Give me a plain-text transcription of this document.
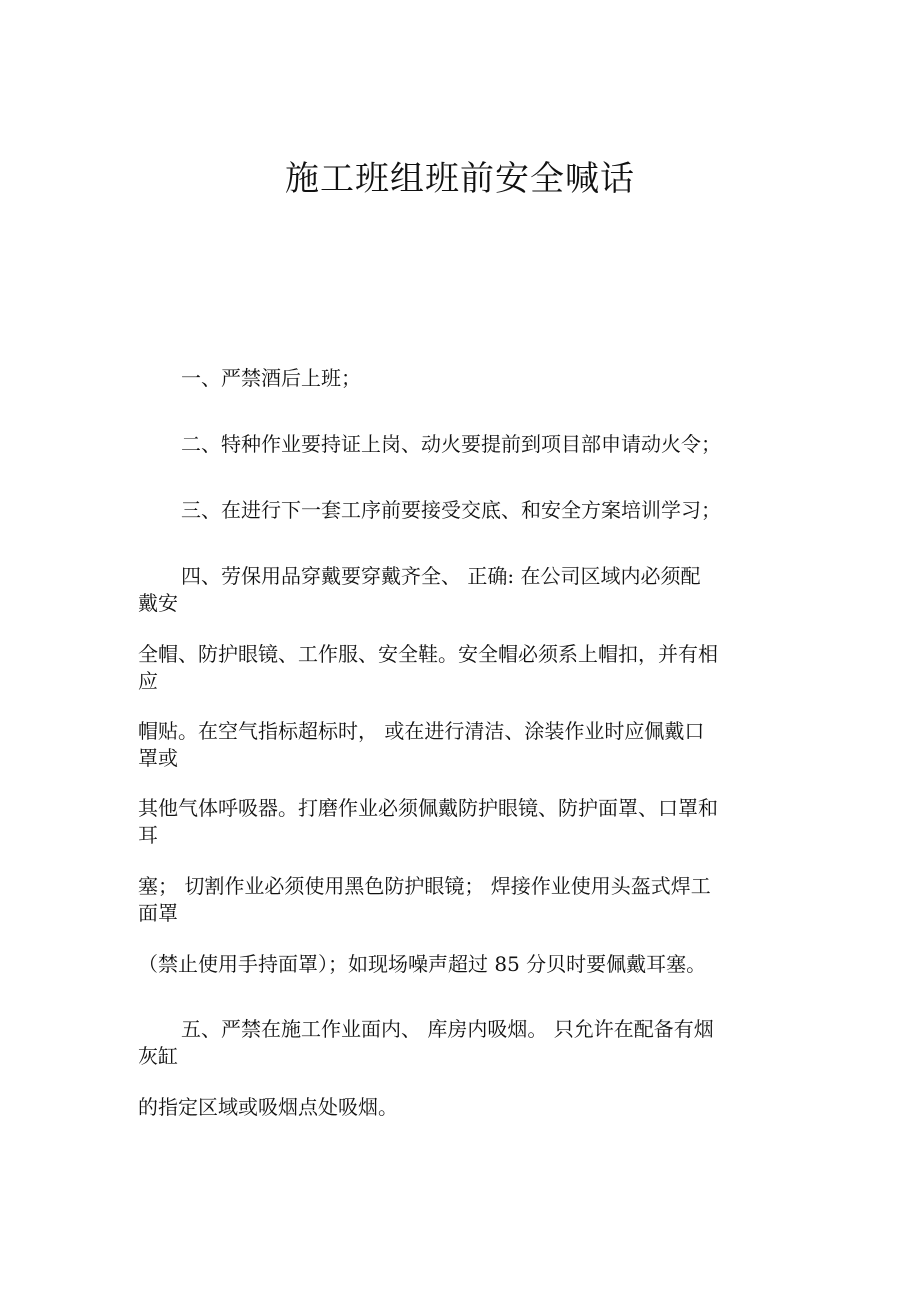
施工班组班前安全喊话

一、严禁酒后上班；

二、特种作业要持证上岗、动火要提前到项目部申请动火令；

三、在进行下一套工序前要接受交底、和安全方案培训学习；

四、劳保用品穿戴要穿戴齐全、 正确: 在公司区域内必须配

戴安

全帽、防护眼镜、工作服、安全鞋。安全帽必须系上帽扣，并有相

应

帽贴。在空气指标超标时， 或在进行清洁、涂装作业时应佩戴口

罩或

其他气体呼吸器。打磨作业必须佩戴防护眼镜、防护面罩、口罩和

耳

塞； 切割作业必须使用黑色防护眼镜； 焊接作业使用头盔式焊工

面罩

（禁止使用手持面罩）；如现场噪声超过 85 分贝时要佩戴耳塞。

五、严禁在施工作业面内、 库房内吸烟。 只允许在配备有烟

灰缸

的指定区域或吸烟点处吸烟。
